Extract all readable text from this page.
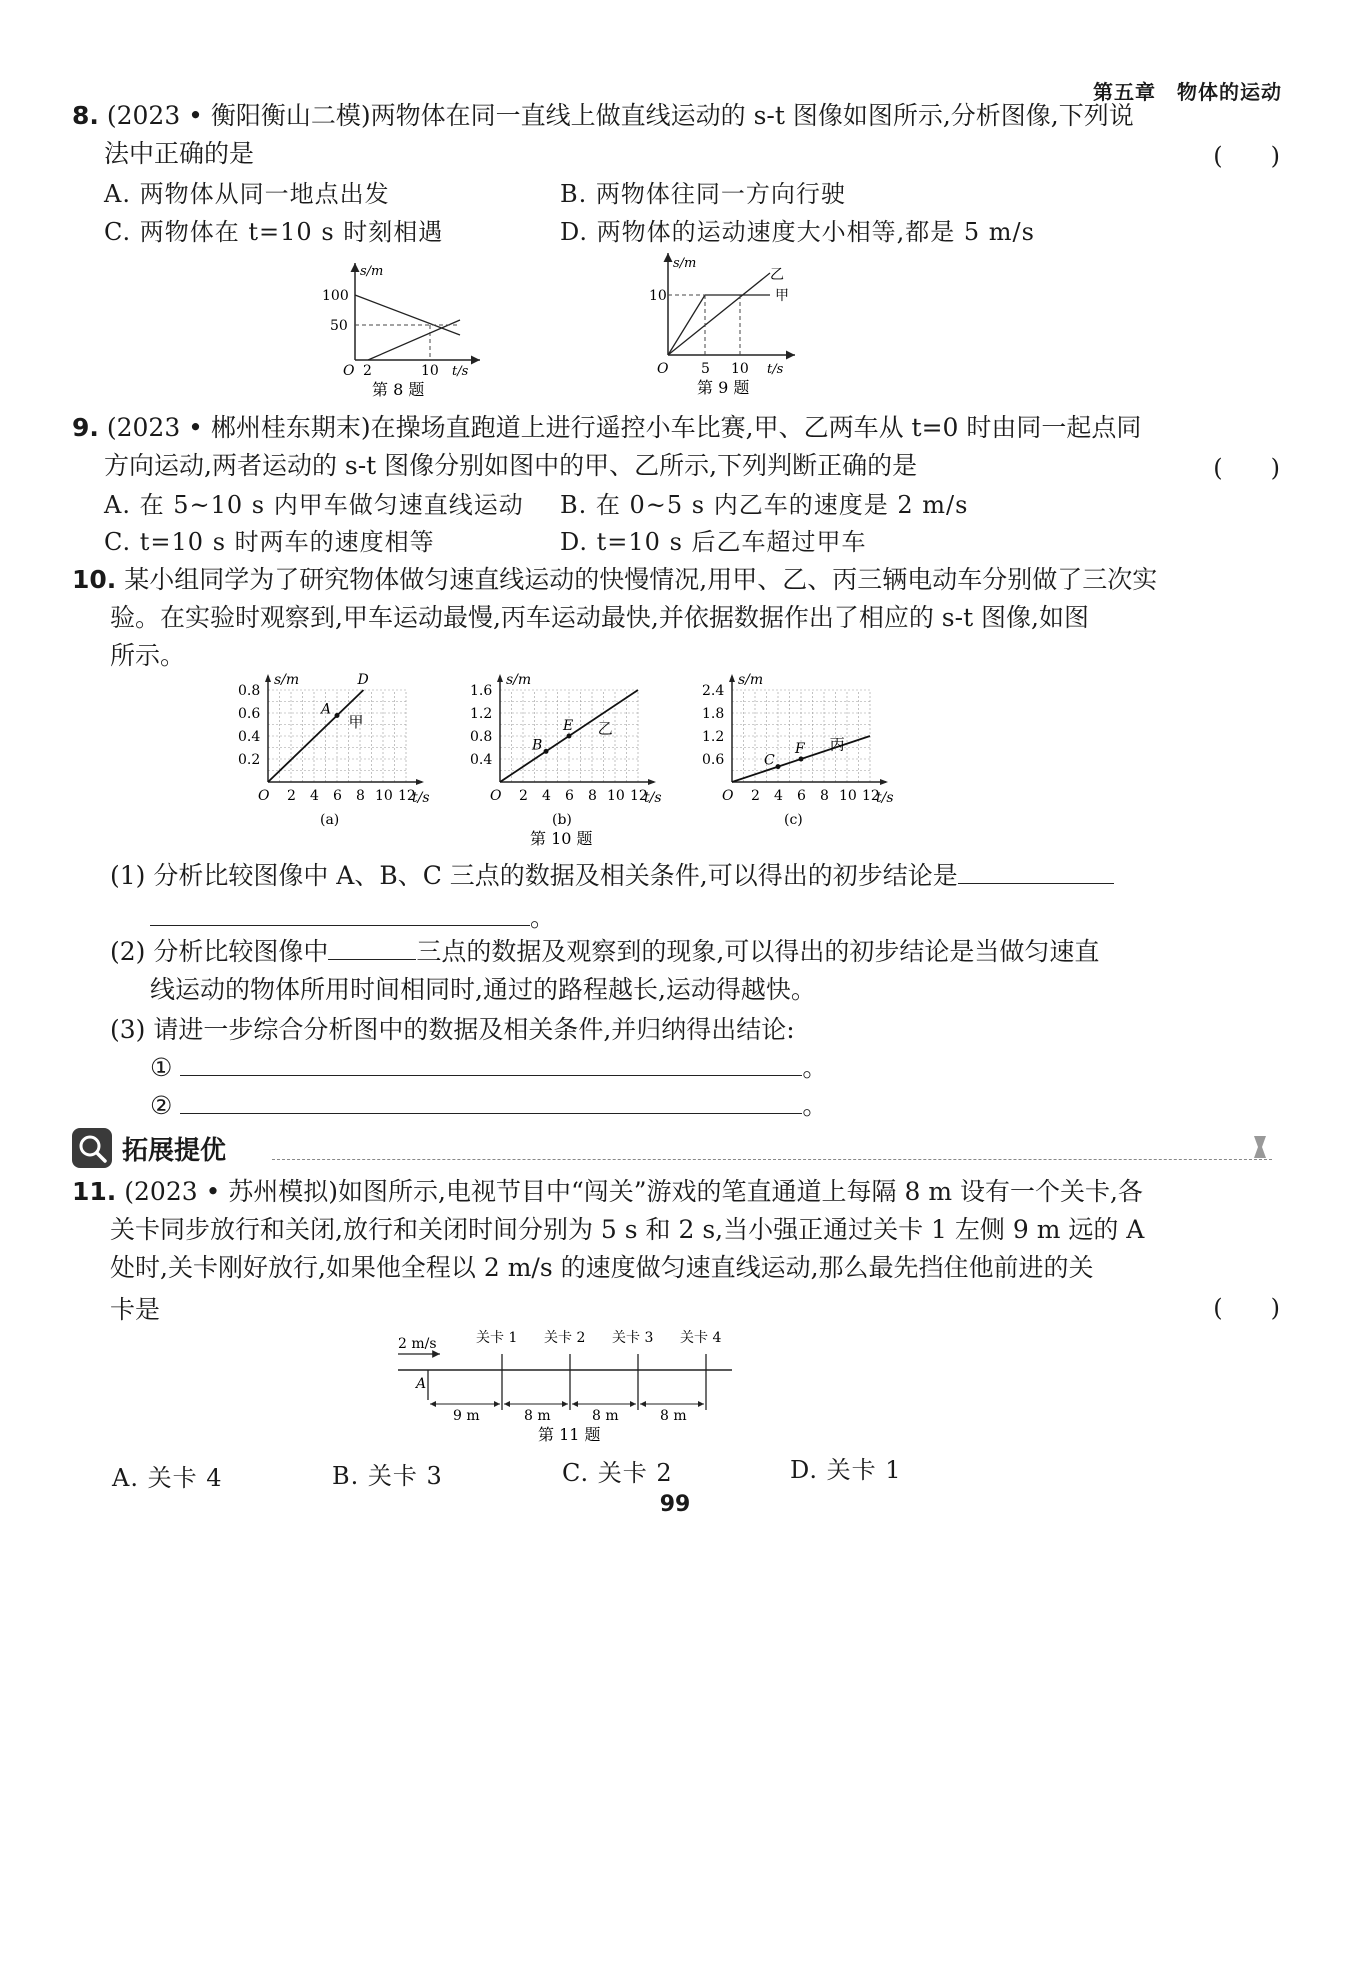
第五章　物体的运动
8. (2023 • 衡阳衡山二模)两物体在同一直线上做直线运动的 s-t 图像如图所示,分析图像,下列说
法中正确的是	(　　)
A. 两物体从同一地点出发	B. 两物体往同一方向行驶
C. 两物体在 t=10 s 时刻相遇	D. 两物体的运动速度大小相等,都是 5 m/s
s/m
t/s
100
50
O 2	10
第 8 题
s/m
t/s
10
O 5 10
乙
甲
第 9 题
9. (2023 • 郴州桂东期末)在操场直跑道上进行遥控小车比赛,甲、乙两车从 t=0 时由同一起点同
方向运动,两者运动的 s-t 图像分别如图中的甲、乙所示,下列判断正确的是	(　　)
A. 在 5~10 s 内甲车做匀速直线运动 B. 在 0~5 s 内乙车的速度是 2 m/s
C. t=10 s 时两车的速度相等	D. t=10 s 后乙车超过甲车
10. 某小组同学为了研究物体做匀速直线运动的快慢情况,用甲、乙、丙三辆电动车分别做了三次实
验。在实验时观察到,甲车运动最慢,丙车运动最快,并依据数据作出了相应的 s-t 图像,如图
所示。
0.8
0.6
0.4
0.2
2 4 6 8 10 12
O
s/m
t/s
A
D
甲
(a)
1.6
1.2
0.8
0.4
2 4 6 8 10 12
O
s/m
t/s
B
E 乙
(b)
2.4
1.8
1.2
0.6
2 4 6 8 10 12
O
s/m
t/s
C
F 丙
(c)
第 10 题
(1) 分析比较图像中 A、B、C 三点的数据及相关条件,可以得出的初步结论是
。
(2) 分析比较图像中	三点的数据及观察到的现象,可以得出的初步结论是当做匀速直
线运动的物体所用时间相同时,通过的路程越长,运动得越快。
(3) 请进一步综合分析图中的数据及相关条件,并归纳得出结论:
①	。
②	。
拓展提优
11. (2023 • 苏州模拟)如图所示,电视节目中“闯关”游戏的笔直通道上每隔 8 m 设有一个关卡,各
关卡同步放行和关闭,放行和关闭时间分别为 5 s 和 2 s,当小强正通过关卡 1 左侧 9 m 远的 A
处时,关卡刚好放行,如果他全程以 2 m/s 的速度做匀速直线运动,那么最先挡住他前进的关
卡是	(　　)
2 m/s
A
关卡 1 关卡 2 关卡 3 关卡 4
9 m	8 m	8 m	8 m
第 11 题
A. 关卡 4	B. 关卡 3	C. 关卡 2	D. 关卡 1
99
